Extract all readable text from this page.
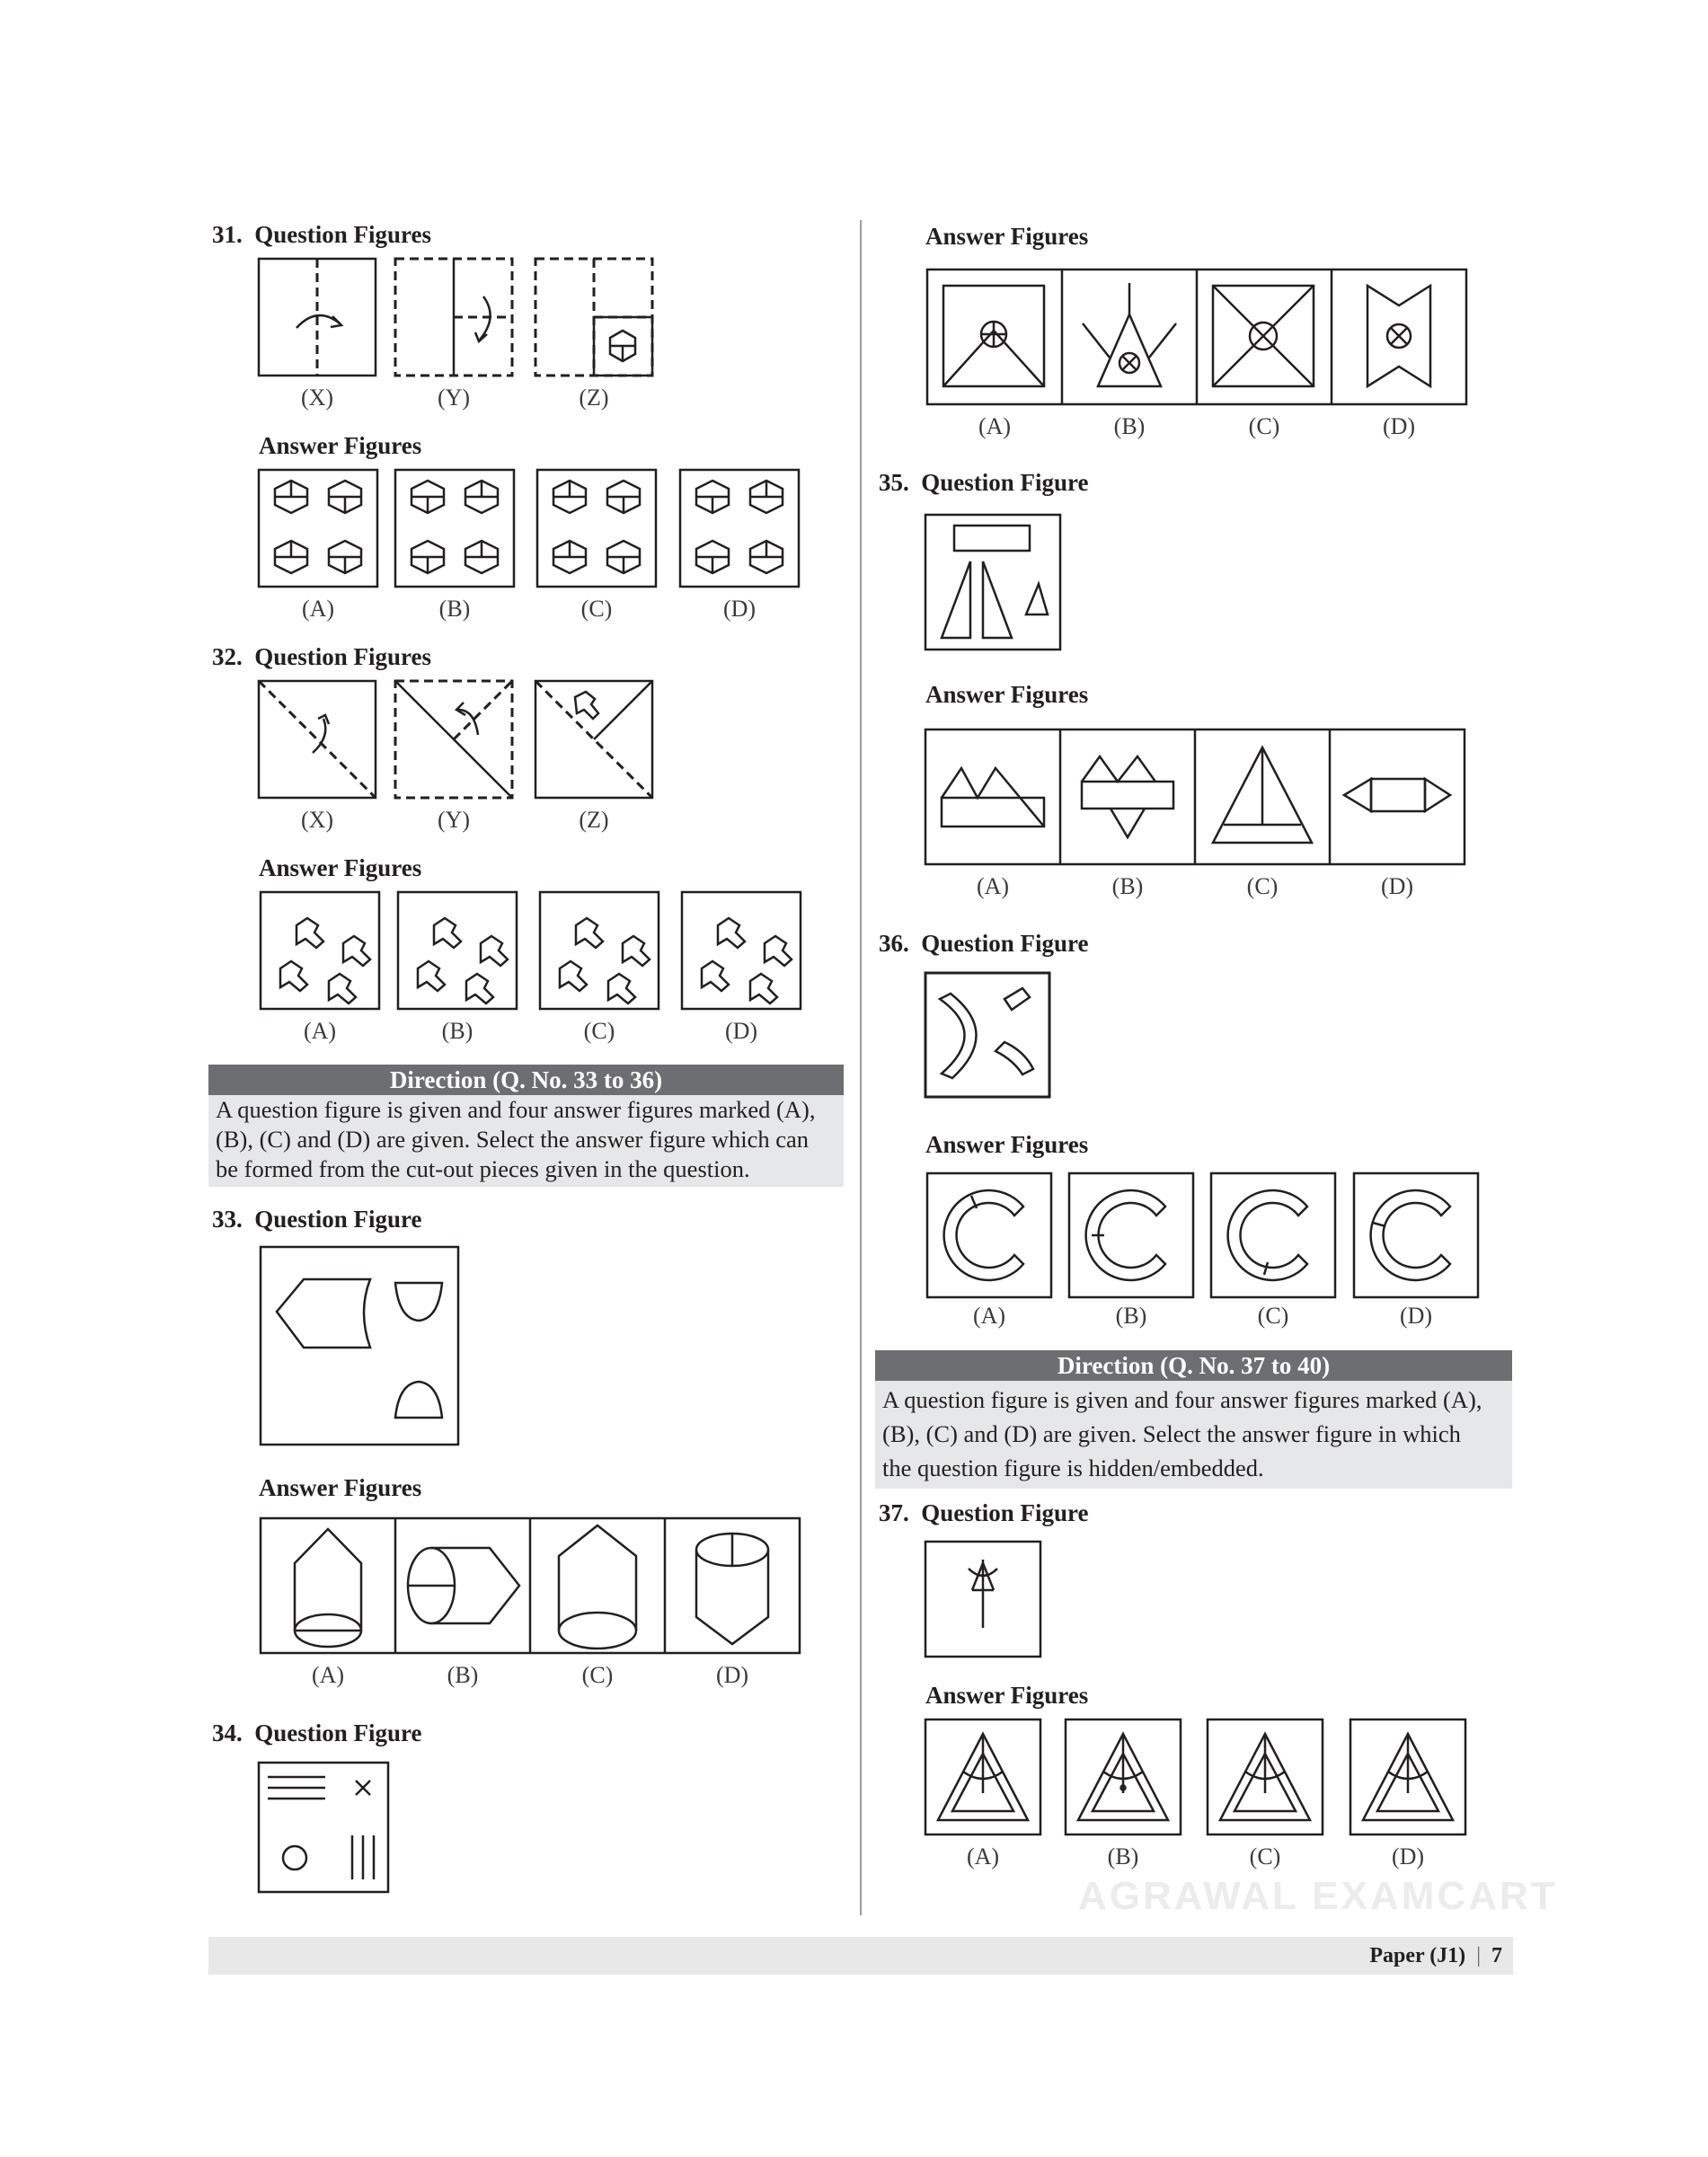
31. Question Figures
(X)	(Y)	(Z)
Answer Figures
(A)	(B)	(C)	(D)
32. Question Figures
(X)	(Y)	(Z)
Answer Figures
(A)	(B)	(C)	(D)
Direction (Q. No. 33 to 36)
A question figure is given and four answer figures marked (A),
(B), (C) and (D) are given. Select the answer figure which can
be formed from the cut-out pieces given in the question.
33. Question Figure
Answer Figures
(A)	(B)	(C)	(D)
34. Question Figure
Answer Figures
(A)	(B)	(C)	(D)
35. Question Figure
Answer Figures
(A)	(B)	(C)	(D)
36. Question Figure
Answer Figures
(A)	(B)	(C)	(D)
Direction (Q. No. 37 to 40)
A question figure is given and four answer figures marked (A),
(B), (C) and (D) are given. Select the answer figure in which
the question figure is hidden/embedded.
37. Question Figure
Answer Figures
(A)	(B)	(C)	(D)
AGRAWAL EXAMCART
Paper (J1) | 7
